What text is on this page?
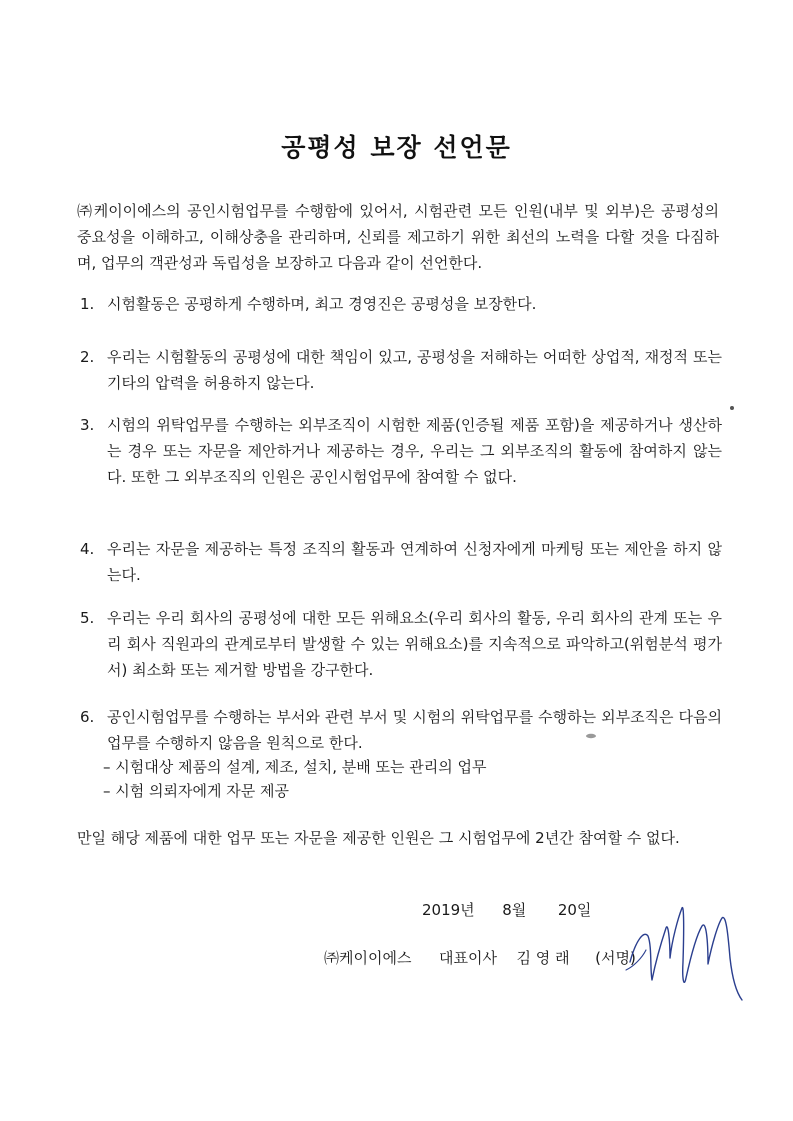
공평성 보장 선언문
㈜케이이에스의 공인시험업무를 수행함에 있어서, 시험관련 모든 인원(내부 및 외부)은 공평성의 중요성을 이해하고, 이해상충을 관리하며, 신뢰를 제고하기 위한 최선의 노력을 다할 것을 다짐하며, 업무의 객관성과 독립성을 보장하고 다음과 같이 선언한다.
1. 시험활동은 공평하게 수행하며, 최고 경영진은 공평성을 보장한다.
2. 우리는 시험활동의 공평성에 대한 책임이 있고, 공평성을 저해하는 어떠한 상업적, 재정적 또는 기타의 압력을 허용하지 않는다.
3. 시험의 위탁업무를 수행하는 외부조직이 시험한 제품(인증될 제품 포함)을 제공하거나 생산하는 경우 또는 자문을 제안하거나 제공하는 경우, 우리는 그 외부조직의 활동에 참여하지 않는다. 또한 그 외부조직의 인원은 공인시험업무에 참여할 수 없다.
4. 우리는 자문을 제공하는 특정 조직의 활동과 연계하여 신청자에게 마케팅 또는 제안을 하지 않는다.
5. 우리는 우리 회사의 공평성에 대한 모든 위해요소(우리 회사의 활동, 우리 회사의 관계 또는 우리 회사 직원과의 관계로부터 발생할 수 있는 위해요소)를 지속적으로 파악하고(위험분석 평가서) 최소화 또는 제거할 방법을 강구한다.
6. 공인시험업무를 수행하는 부서와 관련 부서 및 시험의 위탁업무를 수행하는 외부조직은 다음의 업무를 수행하지 않음을 원칙으로 한다.
– 시험대상 제품의 설계, 제조, 설치, 분배 또는 관리의 업무
– 시험 의뢰자에게 자문 제공
만일 해당 제품에 대한 업무 또는 자문을 제공한 인원은 그 시험업무에 2년간 참여할 수 없다.
2019년 8월 20일
㈜케이이에스 대표이사 김 영 래 (서명)
